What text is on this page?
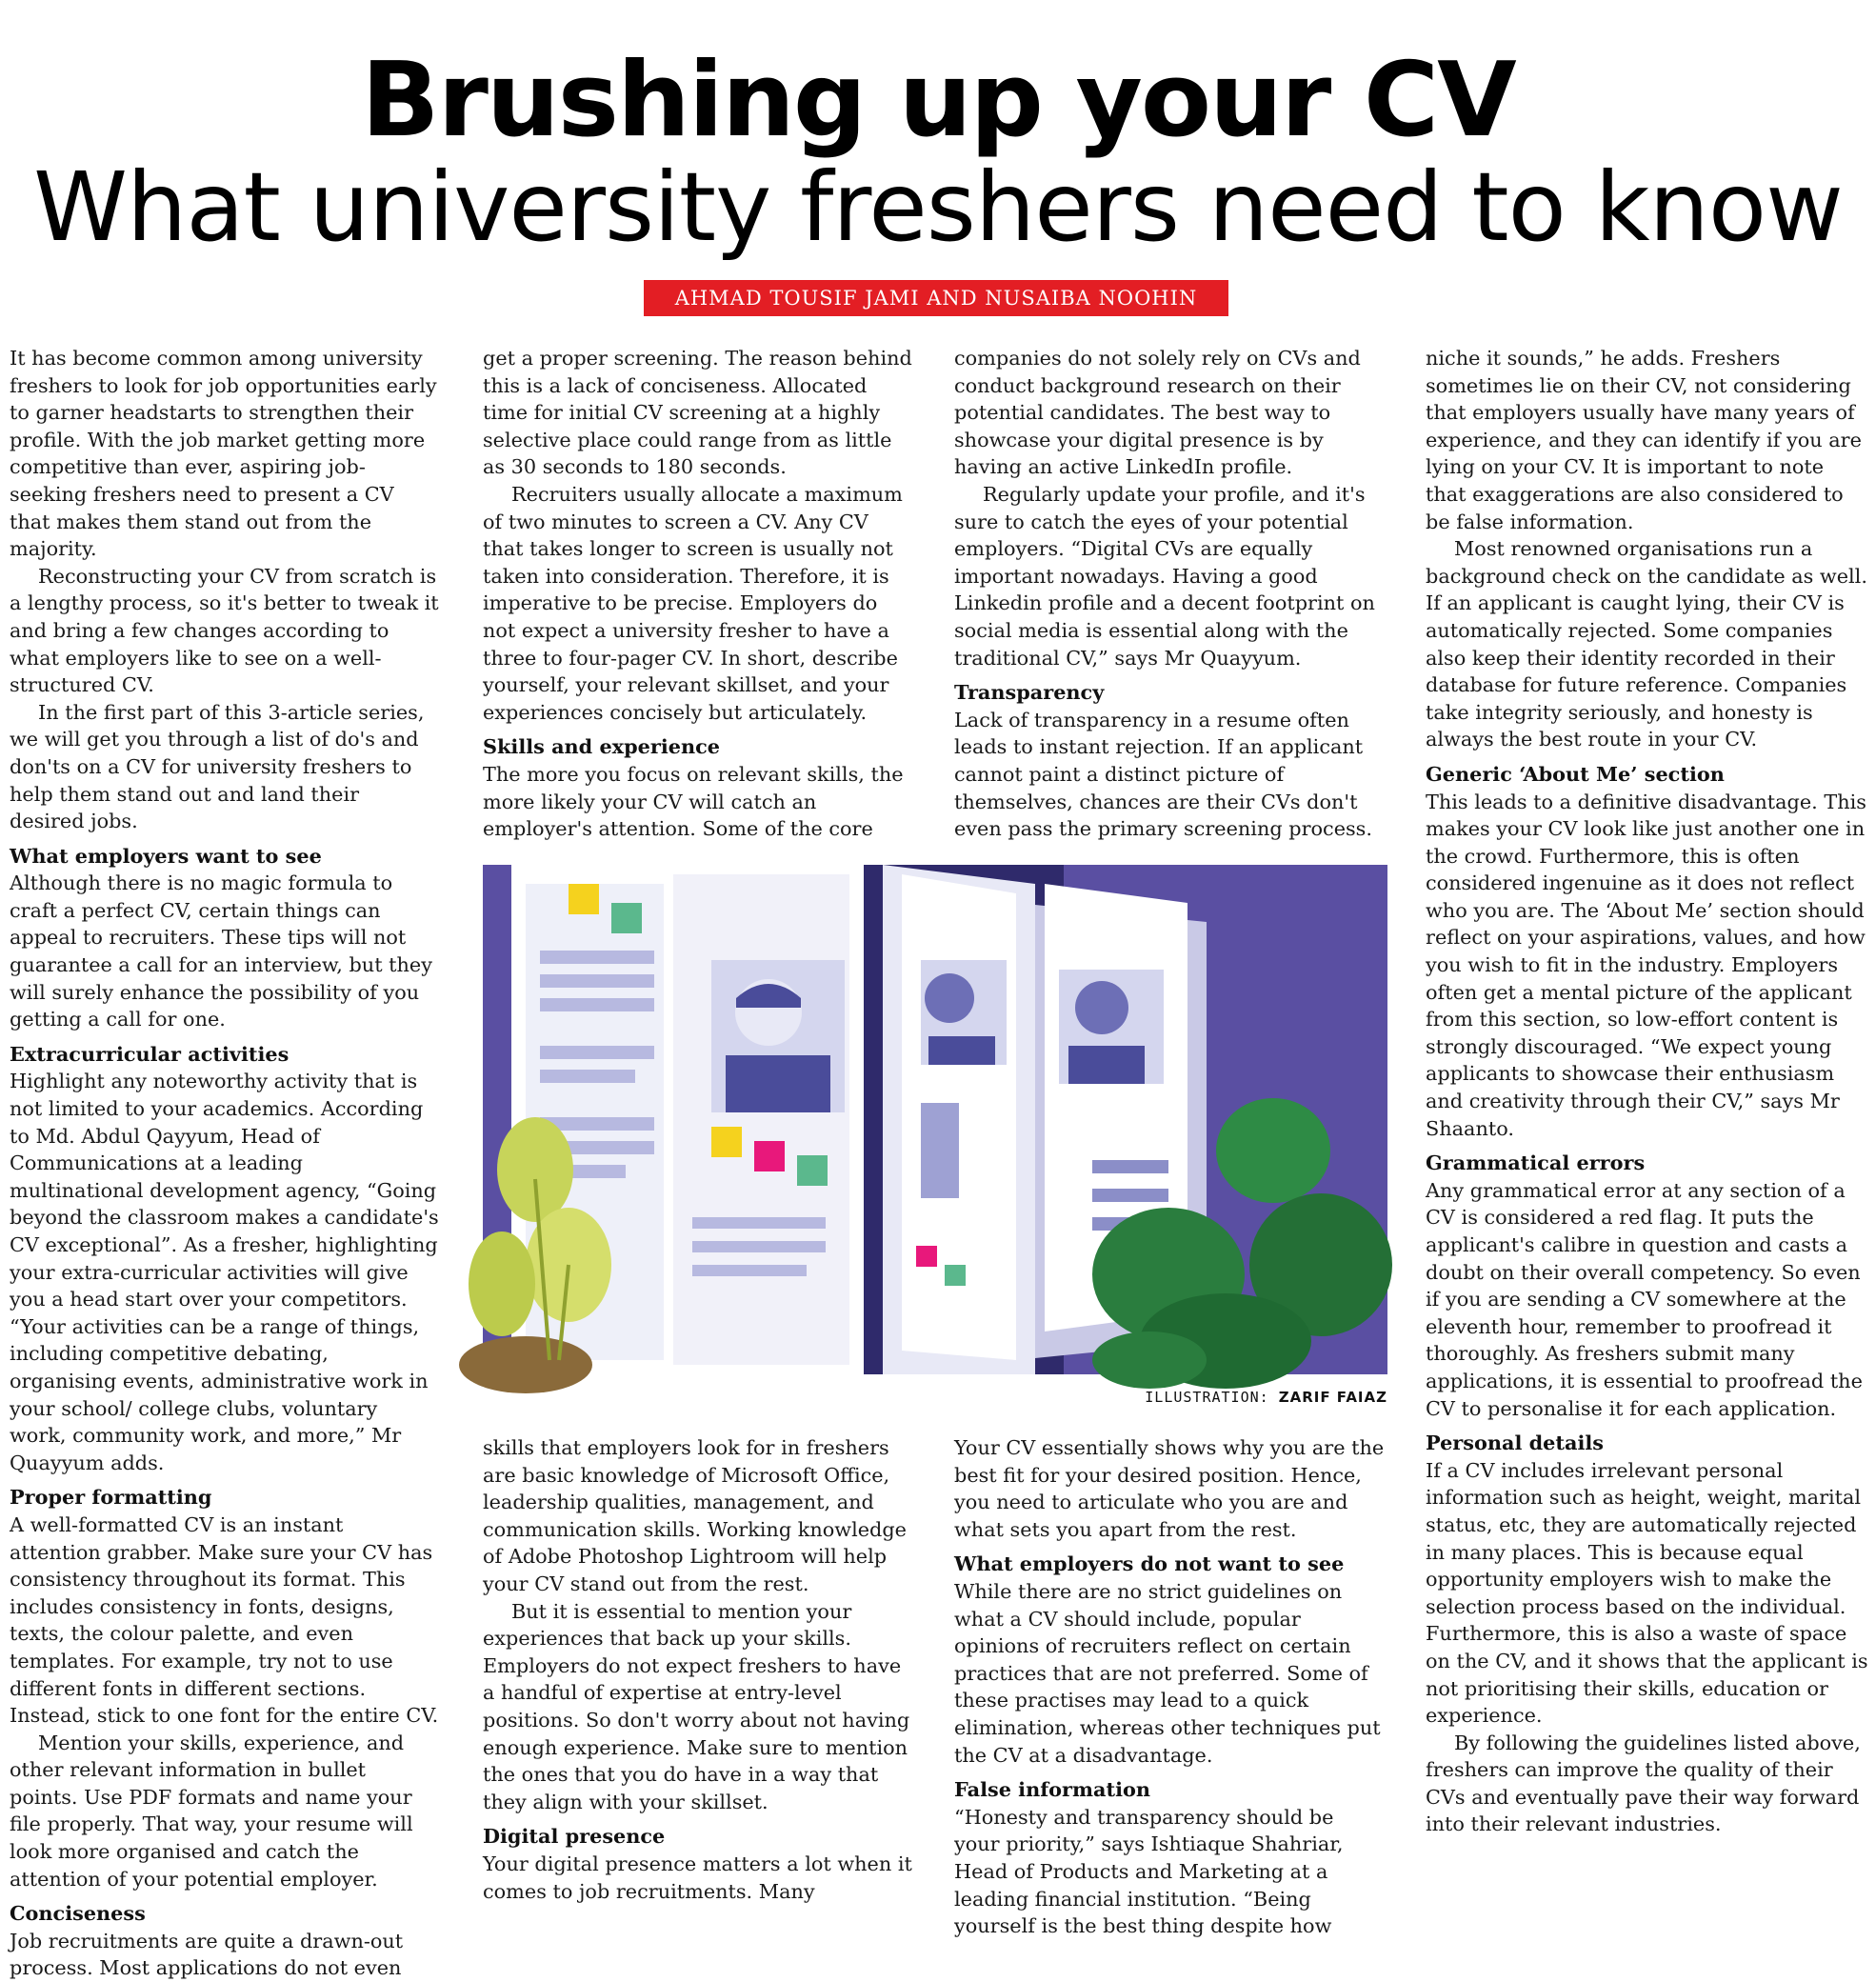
Brushing up your CV
What university freshers need to know
AHMAD TOUSIF JAMI AND NUSAIBA NOOHIN

It has become common among university freshers to look for job opportunities early to garner headstarts to strengthen their profile. With the job market getting more competitive than ever, aspiring job-seeking freshers need to present a CV that makes them stand out from the majority.

Reconstructing your CV from scratch is a lengthy process, so it's better to tweak it and bring a few changes according to what employers like to see on a well-structured CV.

In the first part of this 3-article series, we will get you through a list of do's and don'ts on a CV for university freshers to help them stand out and land their desired jobs.

What employers want to see

Although there is no magic formula to craft a perfect CV, certain things can appeal to recruiters. These tips will not guarantee a call for an interview, but they will surely enhance the possibility of you getting a call for one.

Extracurricular activities

Highlight any noteworthy activity that is not limited to your academics. According to Md. Abdul Qayyum, Head of Communications at a leading multinational development agency, “Going beyond the classroom makes a candidate's CV exceptional”. As a fresher, highlighting your extra-curricular activities will give you a head start over your competitors. “Your activities can be a range of things, including competitive debating, organising events, administrative work in your school/ college clubs, voluntary work, community work, and more,” Mr Quayyum adds.

Proper formatting

A well-formatted CV is an instant attention grabber. Make sure your CV has consistency throughout its format. This includes consistency in fonts, designs, texts, the colour palette, and even templates. For example, try not to use different fonts in different sections. Instead, stick to one font for the entire CV.

Mention your skills, experience, and other relevant information in bullet points. Use PDF formats and name your file properly. That way, your resume will look more organised and catch the attention of your potential employer.

Conciseness

Job recruitments are quite a drawn-out process. Most applications do not even

get a proper screening. The reason behind this is a lack of conciseness. Allocated time for initial CV screening at a highly selective place could range from as little as 30 seconds to 180 seconds.

Recruiters usually allocate a maximum of two minutes to screen a CV. Any CV that takes longer to screen is usually not taken into consideration. Therefore, it is imperative to be precise. Employers do not expect a university fresher to have a three to four-pager CV. In short, describe yourself, your relevant skillset, and your experiences concisely but articulately.

Skills and experience

The more you focus on relevant skills, the more likely your CV will catch an employer's attention. Some of the core

companies do not solely rely on CVs and conduct background research on their potential candidates. The best way to showcase your digital presence is by having an active LinkedIn profile.

Regularly update your profile, and it's sure to catch the eyes of your potential employers. “Digital CVs are equally important nowadays. Having a good Linkedin profile and a decent footprint on social media is essential along with the traditional CV,” says Mr Quayyum.

Transparency

Lack of transparency in a resume often leads to instant rejection. If an applicant cannot paint a distinct picture of themselves, chances are their CVs don't even pass the primary screening process.

ILLUSTRATION: ZARIF FAIAZ

skills that employers look for in freshers are basic knowledge of Microsoft Office, leadership qualities, management, and communication skills. Working knowledge of Adobe Photoshop Lightroom will help your CV stand out from the rest.

But it is essential to mention your experiences that back up your skills. Employers do not expect freshers to have a handful of expertise at entry-level positions. So don't worry about not having enough experience. Make sure to mention the ones that you do have in a way that they align with your skillset.

Digital presence

Your digital presence matters a lot when it comes to job recruitments. Many

Your CV essentially shows why you are the best fit for your desired position. Hence, you need to articulate who you are and what sets you apart from the rest.

What employers do not want to see

While there are no strict guidelines on what a CV should include, popular opinions of recruiters reflect on certain practices that are not preferred. Some of these practises may lead to a quick elimination, whereas other techniques put the CV at a disadvantage.

False information

“Honesty and transparency should be your priority,” says Ishtiaque Shahriar, Head of Products and Marketing at a leading financial institution. “Being yourself is the best thing despite how

niche it sounds,” he adds. Freshers sometimes lie on their CV, not considering that employers usually have many years of experience, and they can identify if you are lying on your CV. It is important to note that exaggerations are also considered to be false information.

Most renowned organisations run a background check on the candidate as well. If an applicant is caught lying, their CV is automatically rejected. Some companies also keep their identity recorded in their database for future reference. Companies take integrity seriously, and honesty is always the best route in your CV.

Generic ‘About Me’ section

This leads to a definitive disadvantage. This makes your CV look like just another one in the crowd. Furthermore, this is often considered ingenuine as it does not reflect who you are. The ‘About Me’ section should reflect on your aspirations, values, and how you wish to fit in the industry. Employers often get a mental picture of the applicant from this section, so low-effort content is strongly discouraged. “We expect young applicants to showcase their enthusiasm and creativity through their CV,” says Mr Shaanto.

Grammatical errors

Any grammatical error at any section of a CV is considered a red flag. It puts the applicant's calibre in question and casts a doubt on their overall competency. So even if you are sending a CV somewhere at the eleventh hour, remember to proofread it thoroughly. As freshers submit many applications, it is essential to proofread the CV to personalise it for each application.

Personal details

If a CV includes irrelevant personal information such as height, weight, marital status, etc, they are automatically rejected in many places. This is because equal opportunity employers wish to make the selection process based on the individual. Furthermore, this is also a waste of space on the CV, and it shows that the applicant is not prioritising their skills, education or experience.

By following the guidelines listed above, freshers can improve the quality of their CVs and eventually pave their way forward into their relevant industries.
